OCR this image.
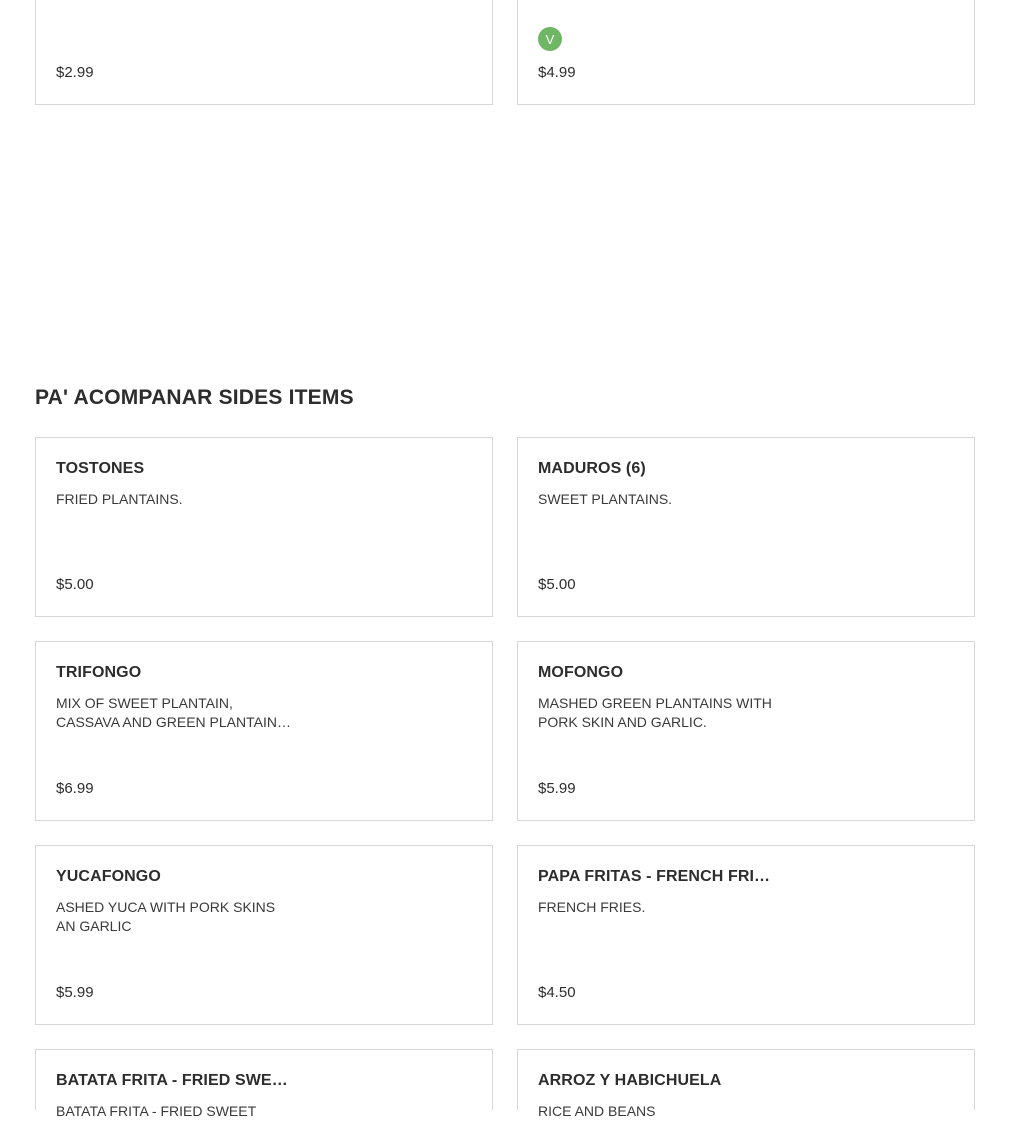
$2.99
V
$4.99
PA' ACOMPANAR SIDES ITEMS
TOSTONES
FRIED PLANTAINS.
$5.00
MADUROS (6)
SWEET PLANTAINS.
$5.00
TRIFONGO
MIX OF SWEET PLANTAIN, CASSAVA AND GREEN PLANTAIN…
$6.99
MOFONGO
MASHED GREEN PLANTAINS WITH PORK SKIN AND GARLIC.
$5.99
YUCAFONGO
ASHED YUCA WITH PORK SKINS AN GARLIC
$5.99
PAPA FRITAS - FRENCH FRI…
FRENCH FRIES.
$4.50
BATATA FRITA - FRIED SWE…
BATATA FRITA - FRIED SWEET
ARROZ Y HABICHUELA
RICE AND BEANS
